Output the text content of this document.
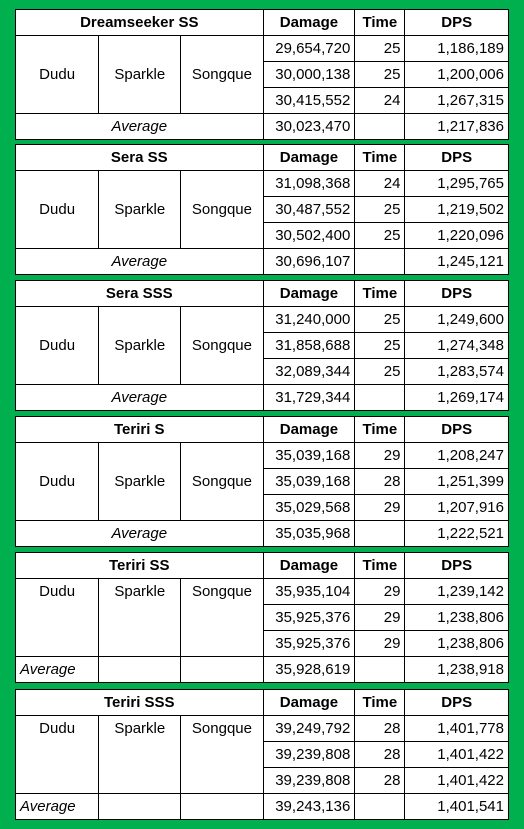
Dreamseeker SS			Damage	Time	DPS
Dudu	Sparkle	Songque	29,654,720	25	1,186,189
			30,000,138	25	1,200,006
			30,415,552	24	1,267,315
Average			30,023,470		1,217,836
Sera SS			Damage	Time	DPS
Dudu	Sparkle	Songque	31,098,368	24	1,295,765
			30,487,552	25	1,219,502
			30,502,400	25	1,220,096
Average			30,696,107		1,245,121
Sera SSS			Damage	Time	DPS
Dudu	Sparkle	Songque	31,240,000	25	1,249,600
			31,858,688	25	1,274,348
			32,089,344	25	1,283,574
Average			31,729,344		1,269,174
Teriri S			Damage	Time	DPS
Dudu	Sparkle	Songque	35,039,168	29	1,208,247
			35,039,168	28	1,251,399
			35,029,568	29	1,207,916
Average			35,035,968		1,222,521
Teriri SS			Damage	Time	DPS
Dudu	Sparkle	Songque	35,935,104	29	1,239,142
			35,925,376	29	1,238,806
			35,925,376	29	1,238,806
Average			35,928,619		1,238,918
Teriri SSS			Damage	Time	DPS
Dudu	Sparkle	Songque	39,249,792	28	1,401,778
			39,239,808	28	1,401,422
			39,239,808	28	1,401,422
Average			39,243,136		1,401,541
